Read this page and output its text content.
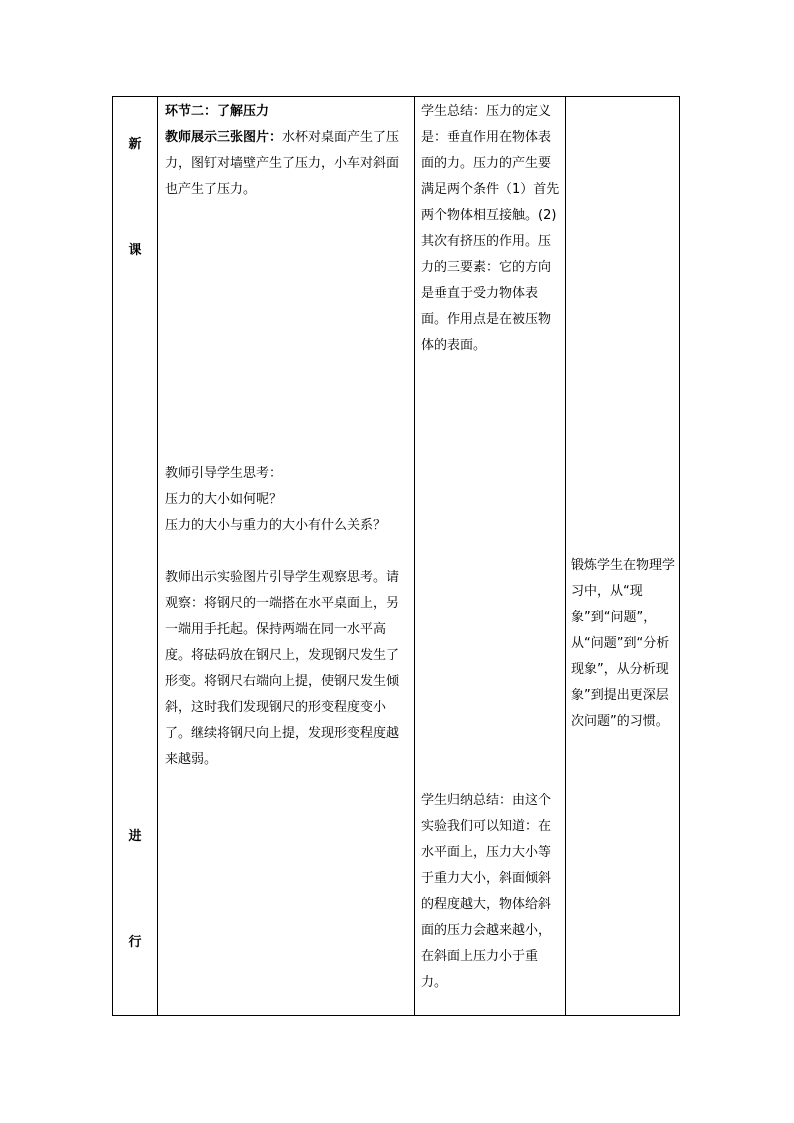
新
课
进
行

环节二：了解压力

教师展示三张图片：水杯对桌面产生了压力，图钉对墙壁产生了压力，小车对斜面也产生了压力。

教师引导学生思考：

压力的大小如何呢？

压力的大小与重力的大小有什么关系？

教师出示实验图片引导学生观察思考。请观察：将钢尺的一端搭在水平桌面上，另一端用手托起。保持两端在同一水平高度。将砝码放在钢尺上，发现钢尺发生了形变。将钢尺右端向上提，使钢尺发生倾斜，这时我们发现钢尺的形变程度变小了。继续将钢尺向上提，发现形变程度越来越弱。

学生总结：压力的定义是：垂直作用在物体表面的力。压力的产生要满足两个条件（1）首先两个物体相互接触。(2)其次有挤压的作用。压力的三要素：它的方向是垂直于受力物体表面。作用点是在被压物体的表面。

学生归纳总结：由这个实验我们可以知道：在水平面上，压力大小等于重力大小，斜面倾斜的程度越大，物体给斜面的压力会越来越小，在斜面上压力小于重力。

锻炼学生在物理学习中，从“现象”到“问题”，从“问题”到“分析现象”，从分析现象”到提出更深层次问题”的习惯。
